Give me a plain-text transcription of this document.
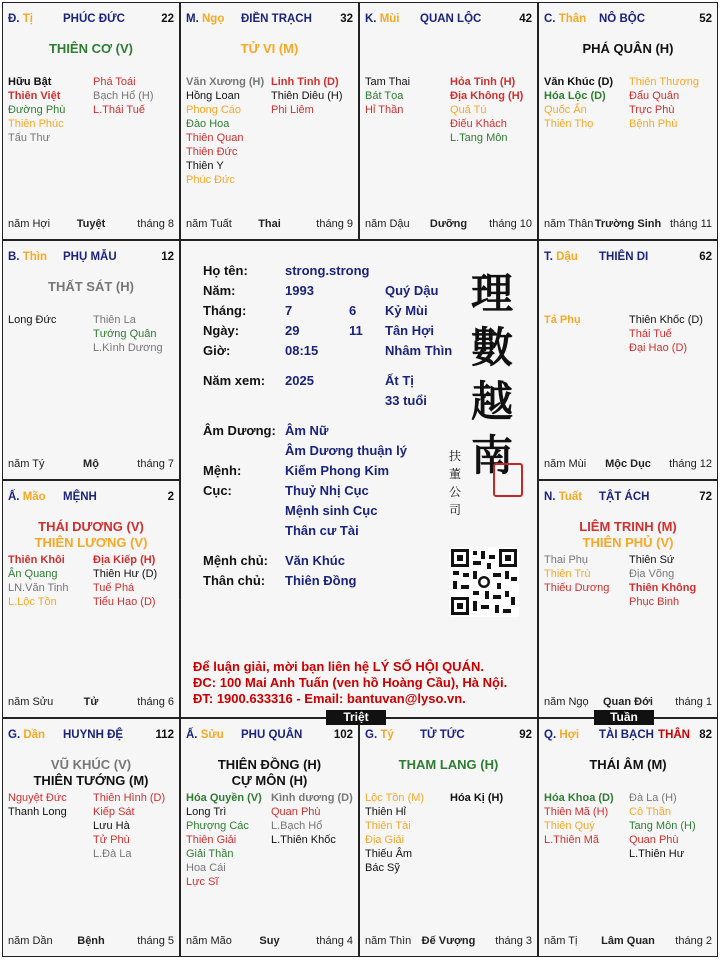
Đ. Tị	PHÚC ĐỨC	22
THIÊN CƠ (V)
Hữu Bật
Thiên Việt
Đường Phù
Thiên Phúc
Tấu Thư
Phá Toái
Bạch Hổ (H)
L.Thái Tuế
năm Hợi	Tuyệt	tháng 8
M. Ngọ ĐIỀN TRẠCH 32
TỬ VI (M)
Văn Xương (H)
Hồng Loan
Phong Cáo
Đào Hoa
Thiên Quan
Thiên Đức
Thiên Y
Phúc Đức
Linh Tinh (D)
Thiên Diêu (H)
Phi Liêm
năm Tuất	Thai	tháng 9
K. Mùi QUAN LỘC	42
Tam Thai
Bát Tọa
Hỉ Thần
Hỏa Tinh (H)
Địa Không (H)
Quả Tú
Điếu Khách
L.Tang Môn
năm Dậu	Dưỡng	tháng 10
C. Thân NÔ BỘC	52
PHÁ QUÂN (H)
Văn Khúc (D)
Hóa Lộc (D)
Quốc Ấn
Thiên Thọ
Thiên Thương
Đẩu Quân
Trực Phù
Bệnh Phù
năm Thân Trường Sinh tháng 11
B. Thìn PHỤ MẪU	12
THẤT SÁT (H)
Long Đức	Thiên La
Tướng Quân
L.Kình Dương
năm Tý	Mộ	tháng 7
T. Dậu THIÊN DI	62
Tả Phụ	Thiên Khốc (D)
Thái Tuế
Đại Hao (D)
năm Mùi	Mộc Dục	tháng 12
Ấ. Mão MỆNH	2
THÁI DƯƠNG (V)
THIÊN LƯƠNG (V)
Thiên Khôi
Ân Quang
LN.Văn Tinh
L.Lộc Tồn
Địa Kiếp (H)
Thiên Hư (D)
Tuế Phá
Tiểu Hao (D)
năm Sửu	Tử	tháng 6
N. Tuất TẬT ÁCH	72
LIÊM TRINH (M)
THIÊN PHỦ (V)
Thai Phụ
Thiên Trù
Thiếu Dương
Thiên Sứ
Địa Võng
Thiên Không
Phục Binh
năm Ngọ	Quan Đới	tháng 1
G. Dần HUYNH ĐỆ	112
VŨ KHÚC (V)
THIÊN TƯỚNG (M)
Nguyệt Đức
Thanh Long
Thiên Hình (D)
Kiếp Sát
Lưu Hà
Tử Phù
L.Đà La
năm Dần	Bệnh	tháng 5
Ấ. Sửu PHU QUÂN	102
THIÊN ĐỒNG (H)
CỰ MÔN (H)
Hóa Quyền (V)
Long Trì
Phượng Các
Thiên Giải
Giải Thần
Hoa Cái
Lực Sĩ
Kình dương (D)
Quan Phù
L.Bạch Hổ
L.Thiên Khốc
năm Mão	Suy	tháng 4
G. Tý TỬ TỨC	92
THAM LANG (H)
Lộc Tồn (M)
Thiên Hỉ
Thiên Tài
Địa Giải
Thiếu Âm
Bác Sỹ
Hóa Kị (H)
năm Thìn Đế Vượng	tháng 3
Q. Hợi TÀI BẠCH	82
THÂN
THÁI ÂM (M)
Hóa Khoa (D)
Thiên Mã (H)
Thiên Quý
L.Thiên Mã
Đà La (H)
Cô Thần
Tang Môn (H)
Quan Phù
L.Thiên Hư
năm Tị	Lâm Quan	tháng 2
Họ tên:	strong.strong
Năm:	1993	Quý Dậu
Tháng:	7	6 Kỷ Mùi
Ngày:	29	11 Tân Hợi
Giờ:	08:15	Nhâm Thìn
Năm xem: 2025	Ất Tị
33 tuổi
Âm Dương: Âm Nữ
Âm Dương thuận lý
Mệnh:	Kiếm Phong Kim
Cục:	Thuỷ Nhị Cục
Mệnh sinh Cục
Thân cư Tài
Mệnh chủ: Văn Khúc
Thân chủ: Thiên Đồng
理
數
越
南
扶
董
公
司
Để luận giải, mời bạn liên hệ LÝ SỐ HỘI QUÁN.
ĐC: 100 Mai Anh Tuấn (ven hồ Hoàng Cầu), Hà Nội.
ĐT: 1900.633316 - Email: bantuvan@lyso.vn.
Triệt	Tuần
